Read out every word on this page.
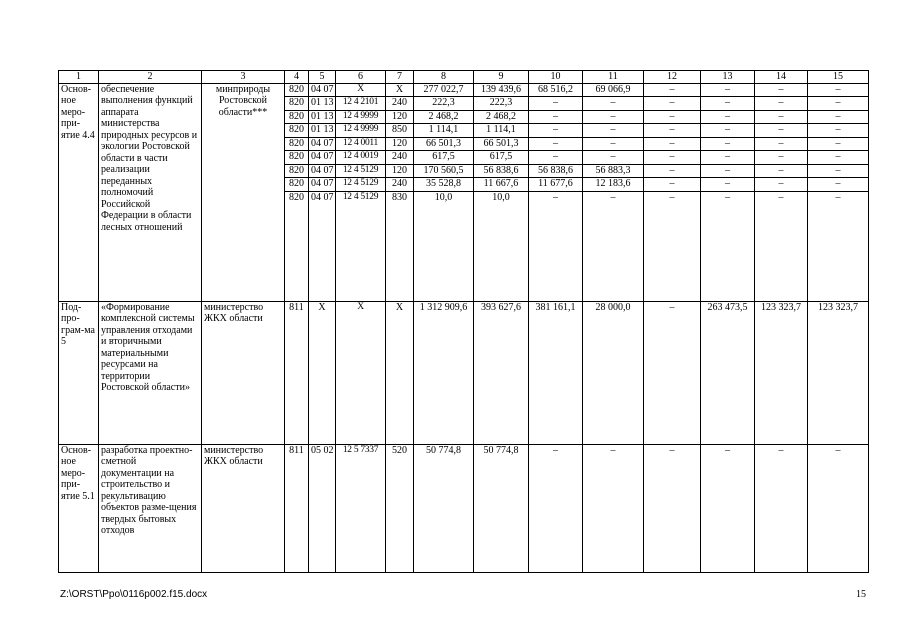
1	2	3	4	5	6	7	8	9	10	11	12	13	14	15
Основ-ное меро-при-ятие 4.4	обеспечение выполнения функций аппарата министерства природных ресурсов и экологии Ростовской области в части реализации переданных полномочий Российской Федерации в области лесных отношений	минприроды Ростовской области***	820	04 07	Х	Х	277 022,7	139 439,6	68 516,2	69 066,9	–	–	–	–
			820	01 13	12 4 2101	240	222,3	222,3	–	–	–	–	–	–
			820	01 13	12 4 9999	120	2 468,2	2 468,2	–	–	–	–	–	–
			820	01 13	12 4 9999	850	1 114,1	1 114,1	–	–	–	–	–	–
			820	04 07	12 4 0011	120	66 501,3	66 501,3	–	–	–	–	–	–
			820	04 07	12 4 0019	240	617,5	617,5	–	–	–	–	–	–
			820	04 07	12 4 5129	120	170 560,5	56 838,6	56 838,6	56 883,3	–	–	–	–
			820	04 07	12 4 5129	240	35 528,8	11 667,6	11 677,6	12 183,6	–	–	–	–
			820	04 07	12 4 5129	830	10,0	10,0	–	–	–	–	–	–
Под-про-грам-ма 5	«Формирование комплексной системы управления отходами и вторичными материальными ресурсами на территории Ростовской области»	министерство ЖКХ области	811	Х	Х	Х	1 312 909,6	393 627,6	381 161,1	28 000,0	–	263 473,5	123 323,7	123 323,7
Основ-ное меро-при-ятие 5.1	разработка проектно-сметной документации на строительство и рекультивацию объектов разме-щения твердых бытовых отходов	министерство ЖКХ области	811	05 02	12 5 7337	520	50 774,8	50 774,8	–	–	–	–	–	–
Z:\ORST\Ppo\0116p002.f15.docx	15
